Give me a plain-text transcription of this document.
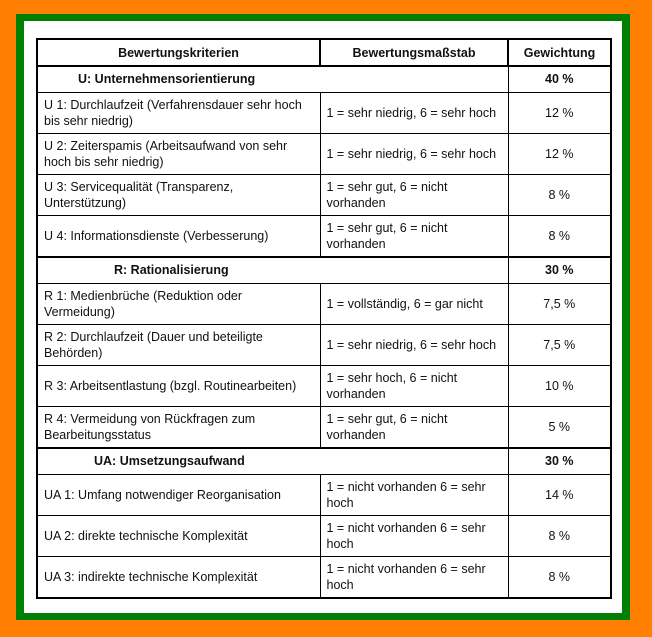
Bewertungskriterien	Bewertungsmaßstab	Gewichtung
U: Unternehmensorientierung		40 %
U 1: Durchlaufzeit (Verfahrensdauer sehr hoch bis sehr niedrig)	1 = sehr niedrig, 6 = sehr hoch	12 %
U 2: Zeiterspamis (Arbeitsaufwand von sehr hoch bis sehr niedrig)	1 = sehr niedrig, 6 = sehr hoch	12 %
U 3: Servicequalität (Transparenz, Unterstützung)	1 = sehr gut, 6 = nicht vorhanden	8 %
U 4: Informationsdienste (Verbesserung)	1 = sehr gut, 6 = nicht vorhanden	8 %
R: Rationalisierung		30 %
R 1: Medienbrüche (Reduktion oder Vermeidung)	1 = vollständig, 6 = gar nicht	7,5 %
R 2: Durchlaufzeit (Dauer und beteiligte Behörden)	1 = sehr niedrig, 6 = sehr hoch	7,5 %
R 3: Arbeitsentlastung (bzgl. Routinearbeiten)	1 = sehr hoch, 6 = nicht vorhanden	10 %
R 4: Vermeidung von Rückfragen zum Bearbeitungsstatus	1 = sehr gut, 6 = nicht vorhanden	5 %
UA: Umsetzungsaufwand		30 %
UA 1: Umfang notwendiger Reorganisation	1 = nicht vorhanden 6 = sehr hoch	14 %
UA 2: direkte technische Komplexität	1 = nicht vorhanden 6 = sehr hoch	8 %
UA 3: indirekte technische Komplexität	1 = nicht vorhanden 6 = sehr hoch	8 %
